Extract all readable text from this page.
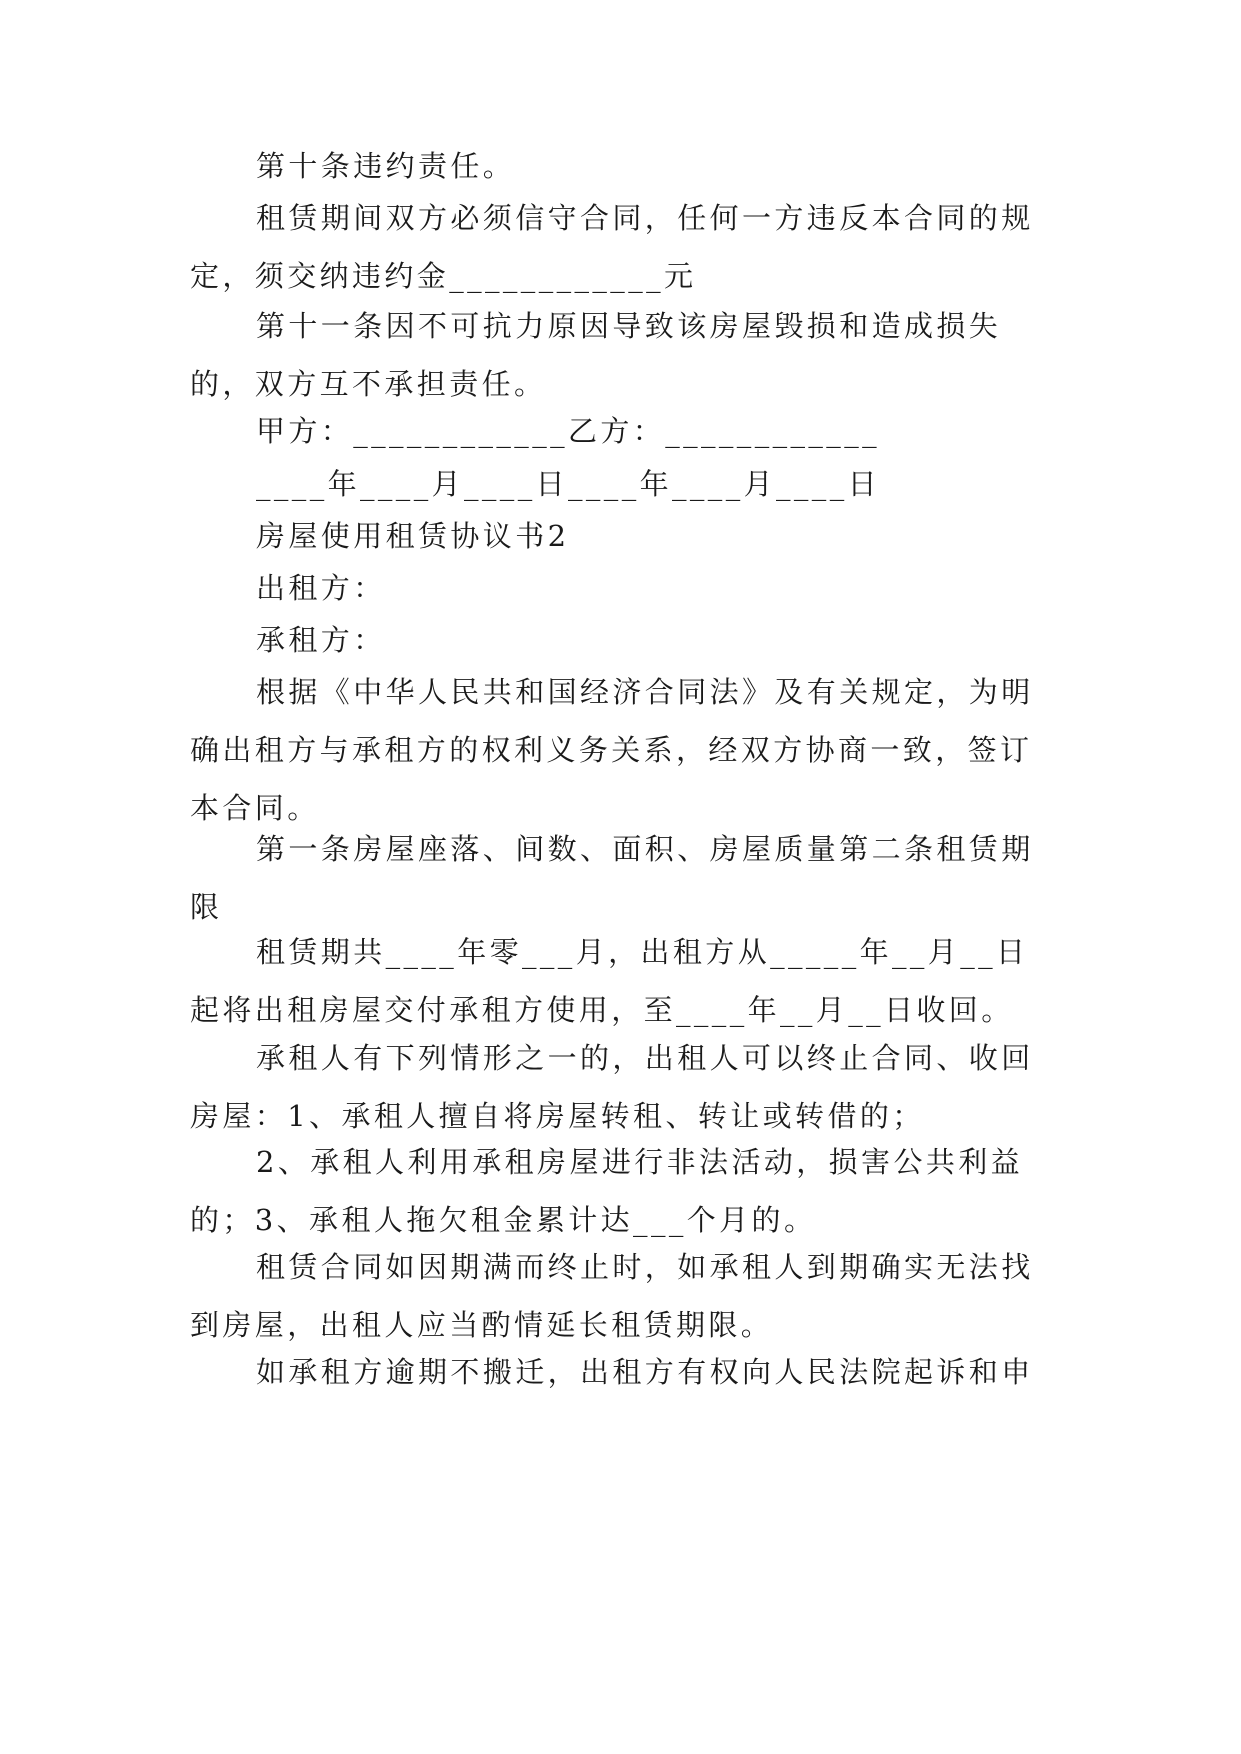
第十条违约责任。

租赁期间双方必须信守合同，任何一方违反本合同的规定，须交纳违约金____________元

第十一条因不可抗力原因导致该房屋毁损和造成损失的，双方互不承担责任。

甲方：____________乙方：____________

____年____月____日____年____月____日

房屋使用租赁协议书2

出租方：

承租方：

根据《中华人民共和国经济合同法》及有关规定，为明确出租方与承租方的权利义务关系，经双方协商一致，签订本合同。

第一条房屋座落、间数、面积、房屋质量第二条租赁期限

租赁期共____年零___月，出租方从_____年__月__日起将出租房屋交付承租方使用，至____年__月__日收回。

承租人有下列情形之一的，出租人可以终止合同、收回房屋：1、承租人擅自将房屋转租、转让或转借的；

2、承租人利用承租房屋进行非法活动，损害公共利益的；3、承租人拖欠租金累计达___个月的。

租赁合同如因期满而终止时，如承租人到期确实无法找到房屋，出租人应当酌情延长租赁期限。

如承租方逾期不搬迁，出租方有权向人民法院起诉和申
